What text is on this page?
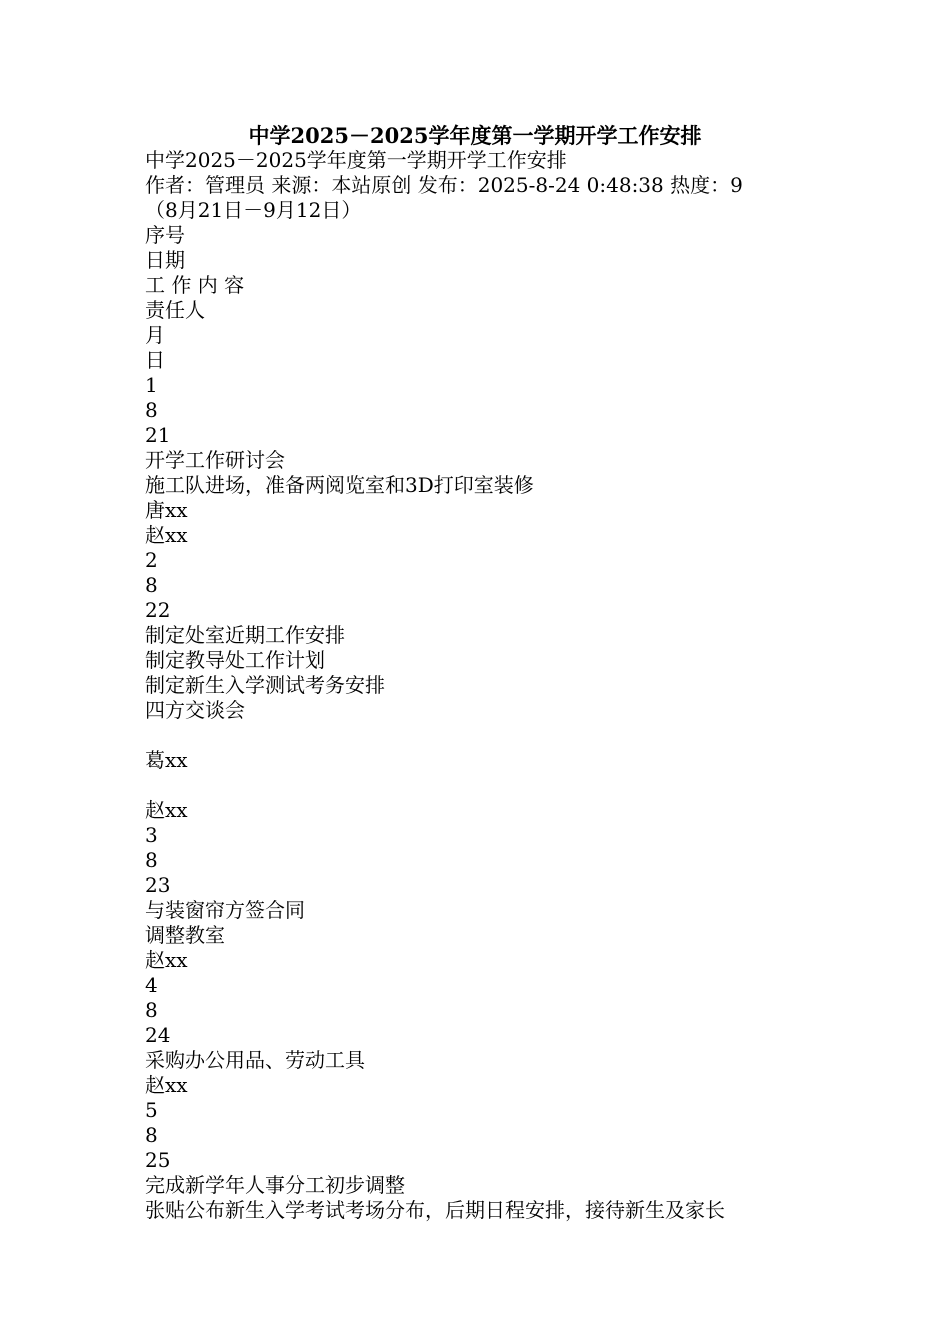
中学2025－2025学年度第一学期开学工作安排
中学2025－2025学年度第一学期开学工作安排
作者：管理员 来源：本站原创 发布：2025-8-24 0:48:38 热度：9
（8月21日－9月12日）
序号
日期
工 作 内 容
责任人
月
日
1
8
21
开学工作研讨会
施工队进场，准备两阅览室和3D打印室装修
唐xx
赵xx
2
8
22
制定处室近期工作安排
制定教导处工作计划
制定新生入学测试考务安排
四方交谈会
葛xx
赵xx
3
8
23
与装窗帘方签合同
调整教室
赵xx
4
8
24
采购办公用品、劳动工具
赵xx
5
8
25
完成新学年人事分工初步调整
张贴公布新生入学考试考场分布，后期日程安排，接待新生及家长
